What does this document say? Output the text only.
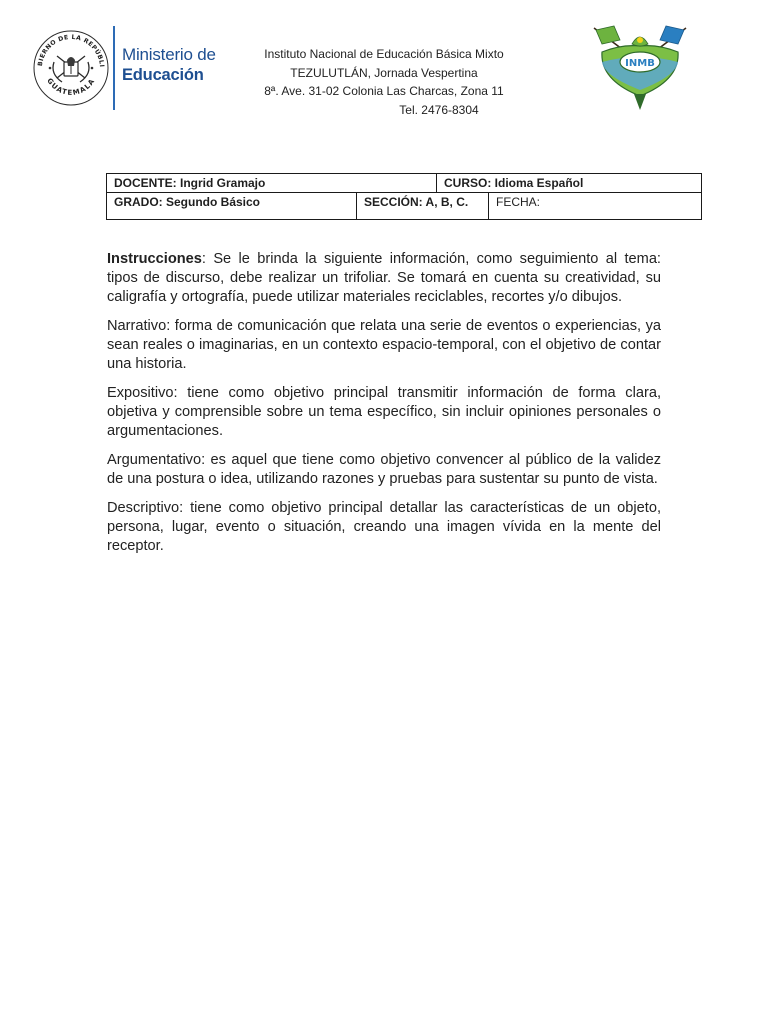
BIERNO DE LA REPÚBLI
GUATEMALA
Ministerio de
Educación
Instituto Nacional de Educación Básica Mixto
TEZULUTLÁN, Jornada Vespertina
8ª. Ave. 31-02 Colonia Las Charcas, Zona 11
Tel. 2476-8304
INMB
DOCENTE: Ingrid Gramajo	CURSO: Idioma Español
GRADO: Segundo Básico	SECCIÓN: A, B, C.	FECHA:

Instrucciones: Se le brinda la siguiente información, como seguimiento al tema: tipos de discurso, debe realizar un trifoliar. Se tomará en cuenta su creatividad, su caligrafía y ortografía, puede utilizar materiales reciclables, recortes y/o dibujos.

Narrativo: forma de comunicación que relata una serie de eventos o experiencias, ya sean reales o imaginarias, en un contexto espacio-temporal, con el objetivo de contar una historia.

Expositivo: tiene como objetivo principal transmitir información de forma clara, objetiva y comprensible sobre un tema específico, sin incluir opiniones personales o argumentaciones.

Argumentativo: es aquel que tiene como objetivo convencer al público de la validez de una postura o idea, utilizando razones y pruebas para sustentar su punto de vista.

Descriptivo: tiene como objetivo principal detallar las características de un objeto, persona, lugar, evento o situación, creando una imagen vívida en la mente del receptor.
